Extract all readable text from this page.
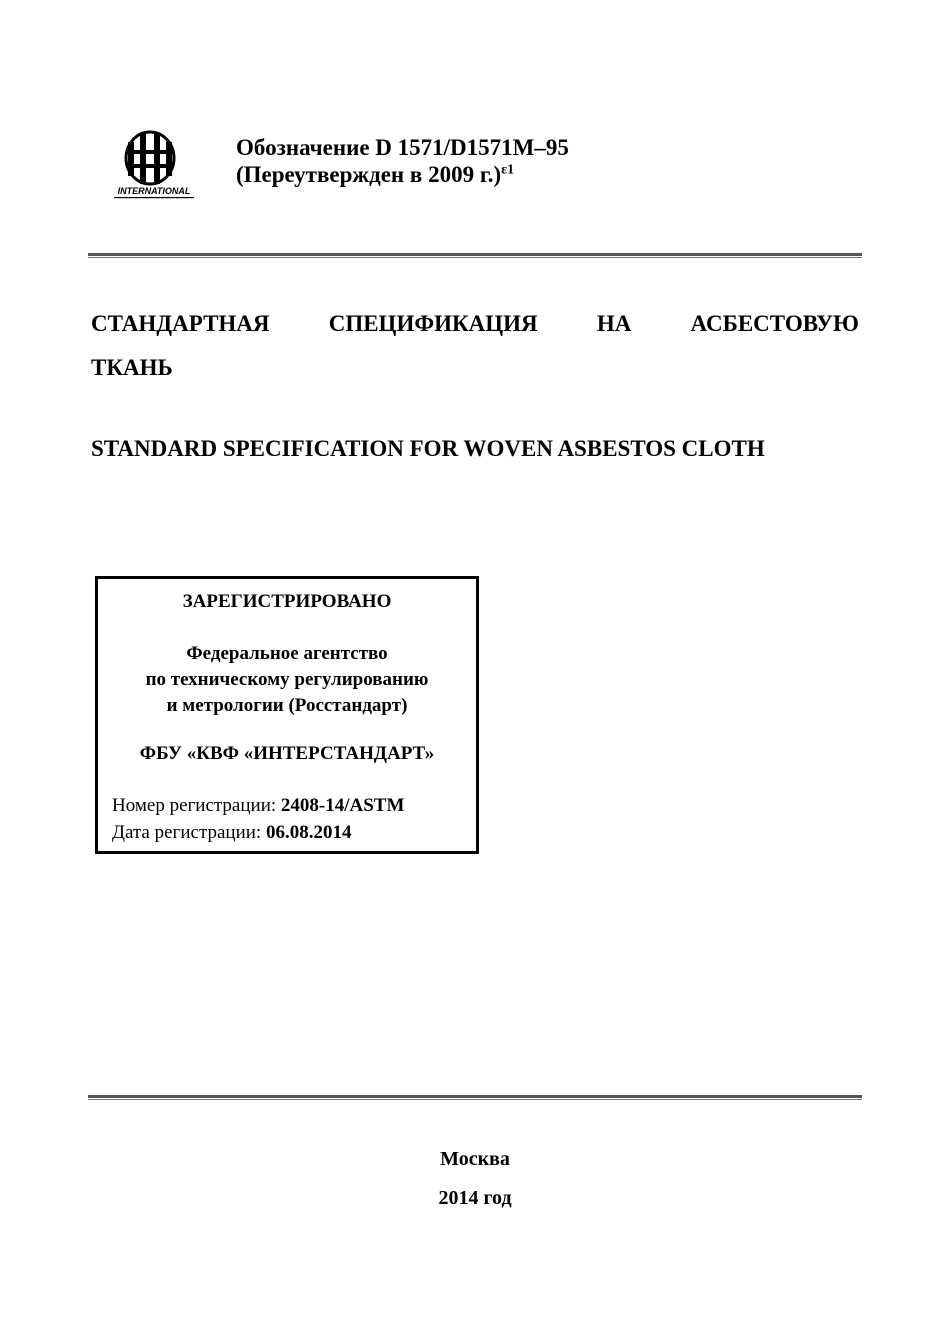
INTERNATIONAL
Обозначение D 1571/D1571M–95
(Переутвержден в 2009 г.)$^{\varepsilon 1}$
СТАНДАРТНАЯ	СПЕЦИФИКАЦИЯ	НА	АСБЕСТОВУЮ
ТКАНЬ
STANDARD SPECIFICATION FOR WOVEN ASBESTOS CLOTH
ЗАРЕГИСТРИРОВАНО
Федеральное агентство
по техническому регулированию
и метрологии (Росстандарт)
ФБУ «КВФ «ИНТЕРСТАНДАРТ»
Номер регистрации: 2408-14/ASTM
Дата регистрации: 06.08.2014
Москва
2014 год
